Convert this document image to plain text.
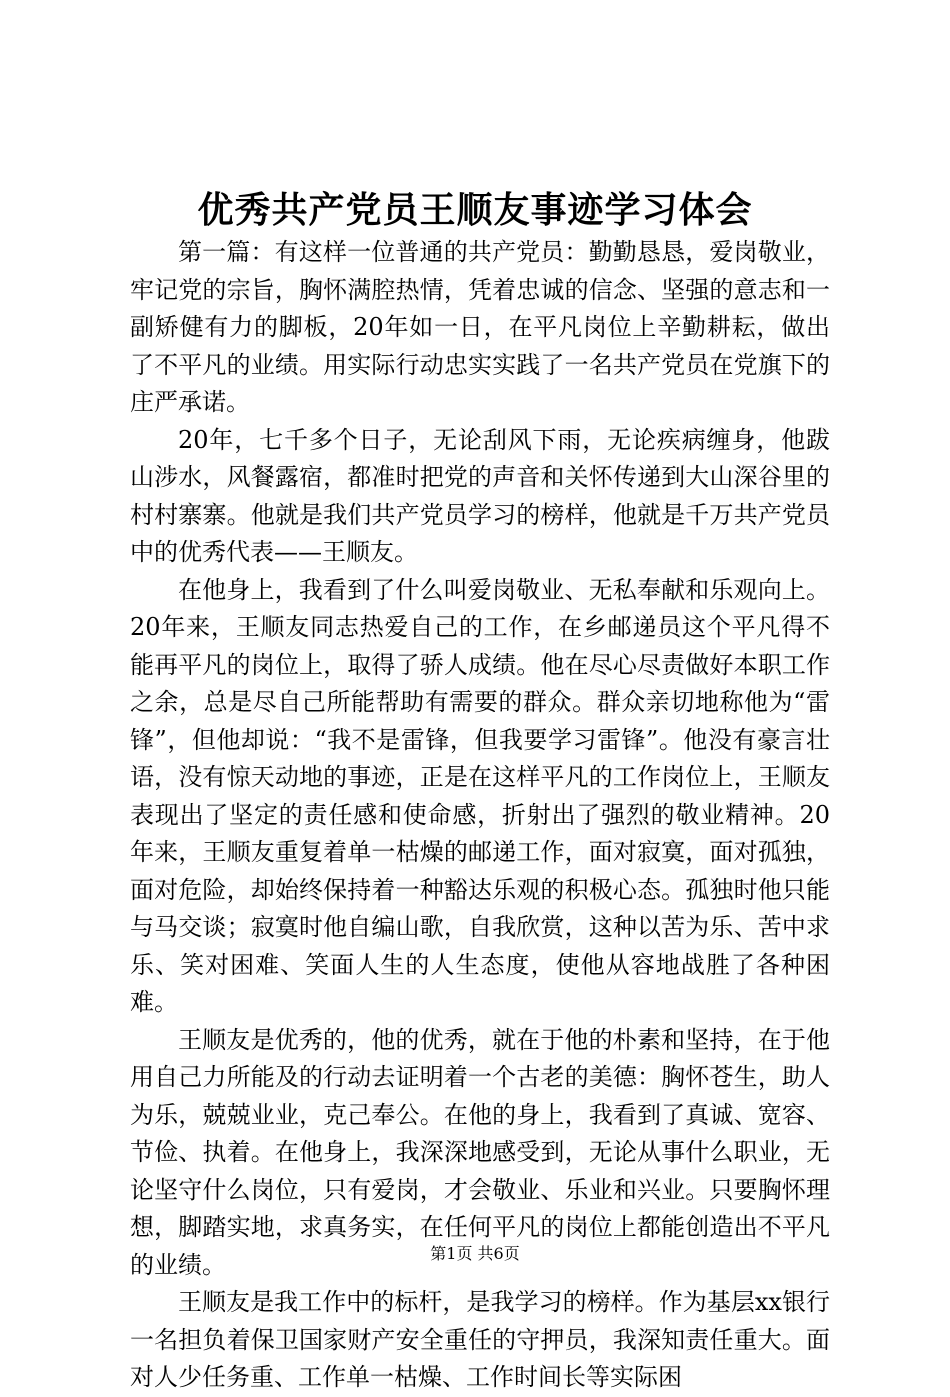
优秀共产党员王顺友事迹学习体会

第一篇：有这样一位普通的共产党员：勤勤恳恳，爱岗敬业，牢记党的宗旨，胸怀满腔热情，凭着忠诚的信念、坚强的意志和一副矫健有力的脚板，20年如一日，在平凡岗位上辛勤耕耘，做出了不平凡的业绩。用实际行动忠实实践了一名共产党员在党旗下的庄严承诺。

20年，七千多个日子，无论刮风下雨，无论疾病缠身，他跋山涉水，风餐露宿，都准时把党的声音和关怀传递到大山深谷里的村村寨寨。他就是我们共产党员学习的榜样，他就是千万共产党员中的优秀代表——王顺友。

在他身上，我看到了什么叫爱岗敬业、无私奉献和乐观向上。20年来，王顺友同志热爱自己的工作，在乡邮递员这个平凡得不能再平凡的岗位上，取得了骄人成绩。他在尽心尽责做好本职工作之余，总是尽自己所能帮助有需要的群众。群众亲切地称他为“雷锋”，但他却说：“我不是雷锋，但我要学习雷锋”。他没有豪言壮语，没有惊天动地的事迹，正是在这样平凡的工作岗位上，王顺友表现出了坚定的责任感和使命感，折射出了强烈的敬业精神。20年来，王顺友重复着单一枯燥的邮递工作，面对寂寞，面对孤独，面对危险，却始终保持着一种豁达乐观的积极心态。孤独时他只能与马交谈；寂寞时他自编山歌，自我欣赏，这种以苦为乐、苦中求乐、笑对困难、笑面人生的人生态度，使他从容地战胜了各种困难。

王顺友是优秀的，他的优秀，就在于他的朴素和坚持，在于他用自己力所能及的行动去证明着一个古老的美德：胸怀苍生，助人为乐，兢兢业业，克己奉公。在他的身上，我看到了真诚、宽容、节俭、执着。在他身上，我深深地感受到，无论从事什么职业，无论坚守什么岗位，只有爱岗，才会敬业、乐业和兴业。只要胸怀理想，脚踏实地，求真务实，在任何平凡的岗位上都能创造出不平凡的业绩。

王顺友是我工作中的标杆，是我学习的榜样。作为基层xx银行一名担负着保卫国家财产安全重任的守押员，我深知责任重大。面对人少任务重、工作单一枯燥、工作时间长等实际困

第1页 共6页
